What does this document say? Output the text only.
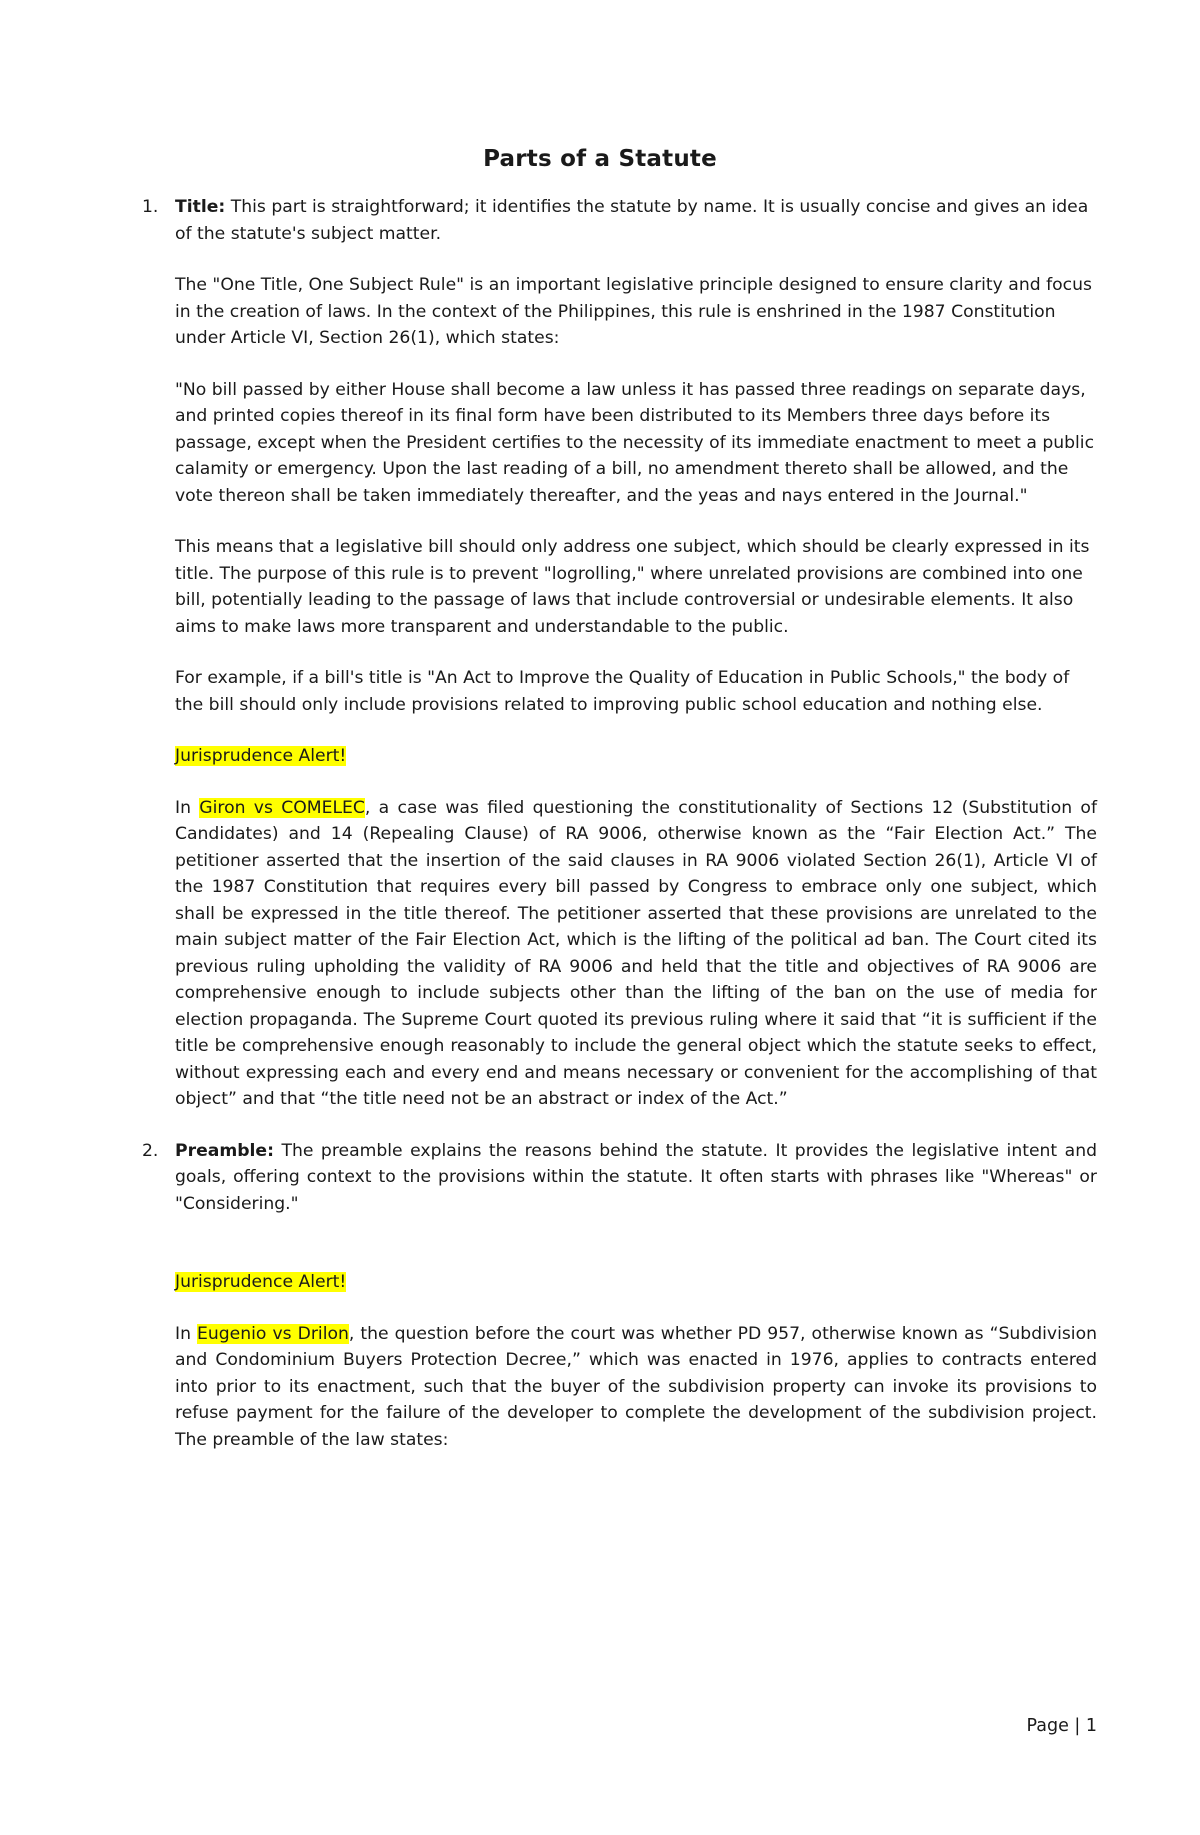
Parts of a Statute
1. Title: This part is straightforward; it identifies the statute by name. It is usually concise and gives an idea of the statute's subject matter.

The "One Title, One Subject Rule" is an important legislative principle designed to ensure clarity and focus in the creation of laws. In the context of the Philippines, this rule is enshrined in the 1987 Constitution under Article VI, Section 26(1), which states:

"No bill passed by either House shall become a law unless it has passed three readings on separate days, and printed copies thereof in its final form have been distributed to its Members three days before its passage, except when the President certifies to the necessity of its immediate enactment to meet a public calamity or emergency. Upon the last reading of a bill, no amendment thereto shall be allowed, and the vote thereon shall be taken immediately thereafter, and the yeas and nays entered in the Journal."

This means that a legislative bill should only address one subject, which should be clearly expressed in its title. The purpose of this rule is to prevent "logrolling," where unrelated provisions are combined into one bill, potentially leading to the passage of laws that include controversial or undesirable elements. It also aims to make laws more transparent and understandable to the public.

For example, if a bill's title is "An Act to Improve the Quality of Education in Public Schools," the body of the bill should only include provisions related to improving public school education and nothing else.

Jurisprudence Alert!

In Giron vs COMELEC, a case was filed questioning the constitutionality of Sections 12 (Substitution of Candidates) and 14 (Repealing Clause) of RA 9006, otherwise known as the “Fair Election Act.” The petitioner asserted that the insertion of the said clauses in RA 9006 violated Section 26(1), Article VI of the 1987 Constitution that requires every bill passed by Congress to embrace only one subject, which shall be expressed in the title thereof. The petitioner asserted that these provisions are unrelated to the main subject matter of the Fair Election Act, which is the lifting of the political ad ban. The Court cited its previous ruling upholding the validity of RA 9006 and held that the title and objectives of RA 9006 are comprehensive enough to include subjects other than the lifting of the ban on the use of media for election propaganda. The Supreme Court quoted its previous ruling where it said that “it is sufficient if the title be comprehensive enough reasonably to include the general object which the statute seeks to effect, without expressing each and every end and means necessary or convenient for the accomplishing of that object” and that “the title need not be an abstract or index of the Act.”

2. Preamble: The preamble explains the reasons behind the statute. It provides the legislative intent and goals, offering context to the provisions within the statute. It often starts with phrases like "Whereas" or "Considering."

Jurisprudence Alert!

In Eugenio vs Drilon, the question before the court was whether PD 957, otherwise known as “Subdivision and Condominium Buyers Protection Decree,” which was enacted in 1976, applies to contracts entered into prior to its enactment, such that the buyer of the subdivision property can invoke its provisions to refuse payment for the failure of the developer to complete the development of the subdivision project. The preamble of the law states:

Page | 1
